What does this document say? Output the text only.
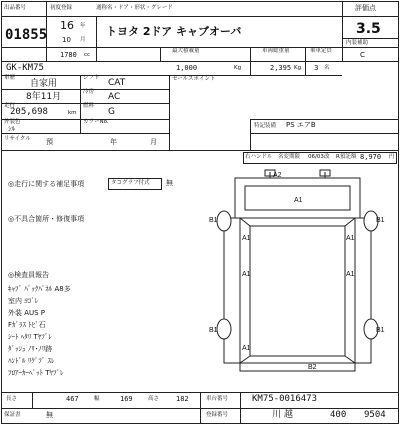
出品番号
01855
初度登録	通称名・ドア・形状・グレード
16 年
10 月
トヨタ 2ドア キャブオーバ
評価点
3.5
内装補助
C
1780 cc
最大積載量	車両総重量	乗車定員
GK-KM75	1,000	Kg	2,395 Kg 3 名
車歴
自家用
シフト CAT
8年11月	冷房 AC
走行
205,698	km
燃料
G
外装色
ｼﾙ
カラーNo.
リサイクル 預	年	月
セールスポイント
特記装備 PS エアB
右ハンドル 名変期限 06/03 改 R預託額 8,970 円
◎走行に関する補足事項	タコグラフ付式 無
◎不具合箇所・修復事項
◎検査員報告
ｷｬﾌﾞ ﾊﾞｯｸﾊﾟﾈﾙ A8多
室内 ﾖｺﾞﾚ
外装 AUS P
Fｶﾞﾗｽ ﾄﾋﾞ石
ｼｰﾄ ﾍﾀﾘ Tﾔﾌﾞﾚ
ﾀﾞｯｼｭ ﾉﾘ･ﾉﾘ跡
ﾊﾝﾄﾞﾙ ﾘｸﾞﾌﾞ ｽﾚ
ﾌﾛｱｰｶｰﾍﾟｯﾄ Tﾔﾌﾞﾚ
A2
A1
B1
A1
B1
A1
A1	A1
B1
A1
B1
B2
長さ	467	幅	169	高さ 182	車台番号	KM75-0016473
登録番号	川 越	400 9504
保証書	無
